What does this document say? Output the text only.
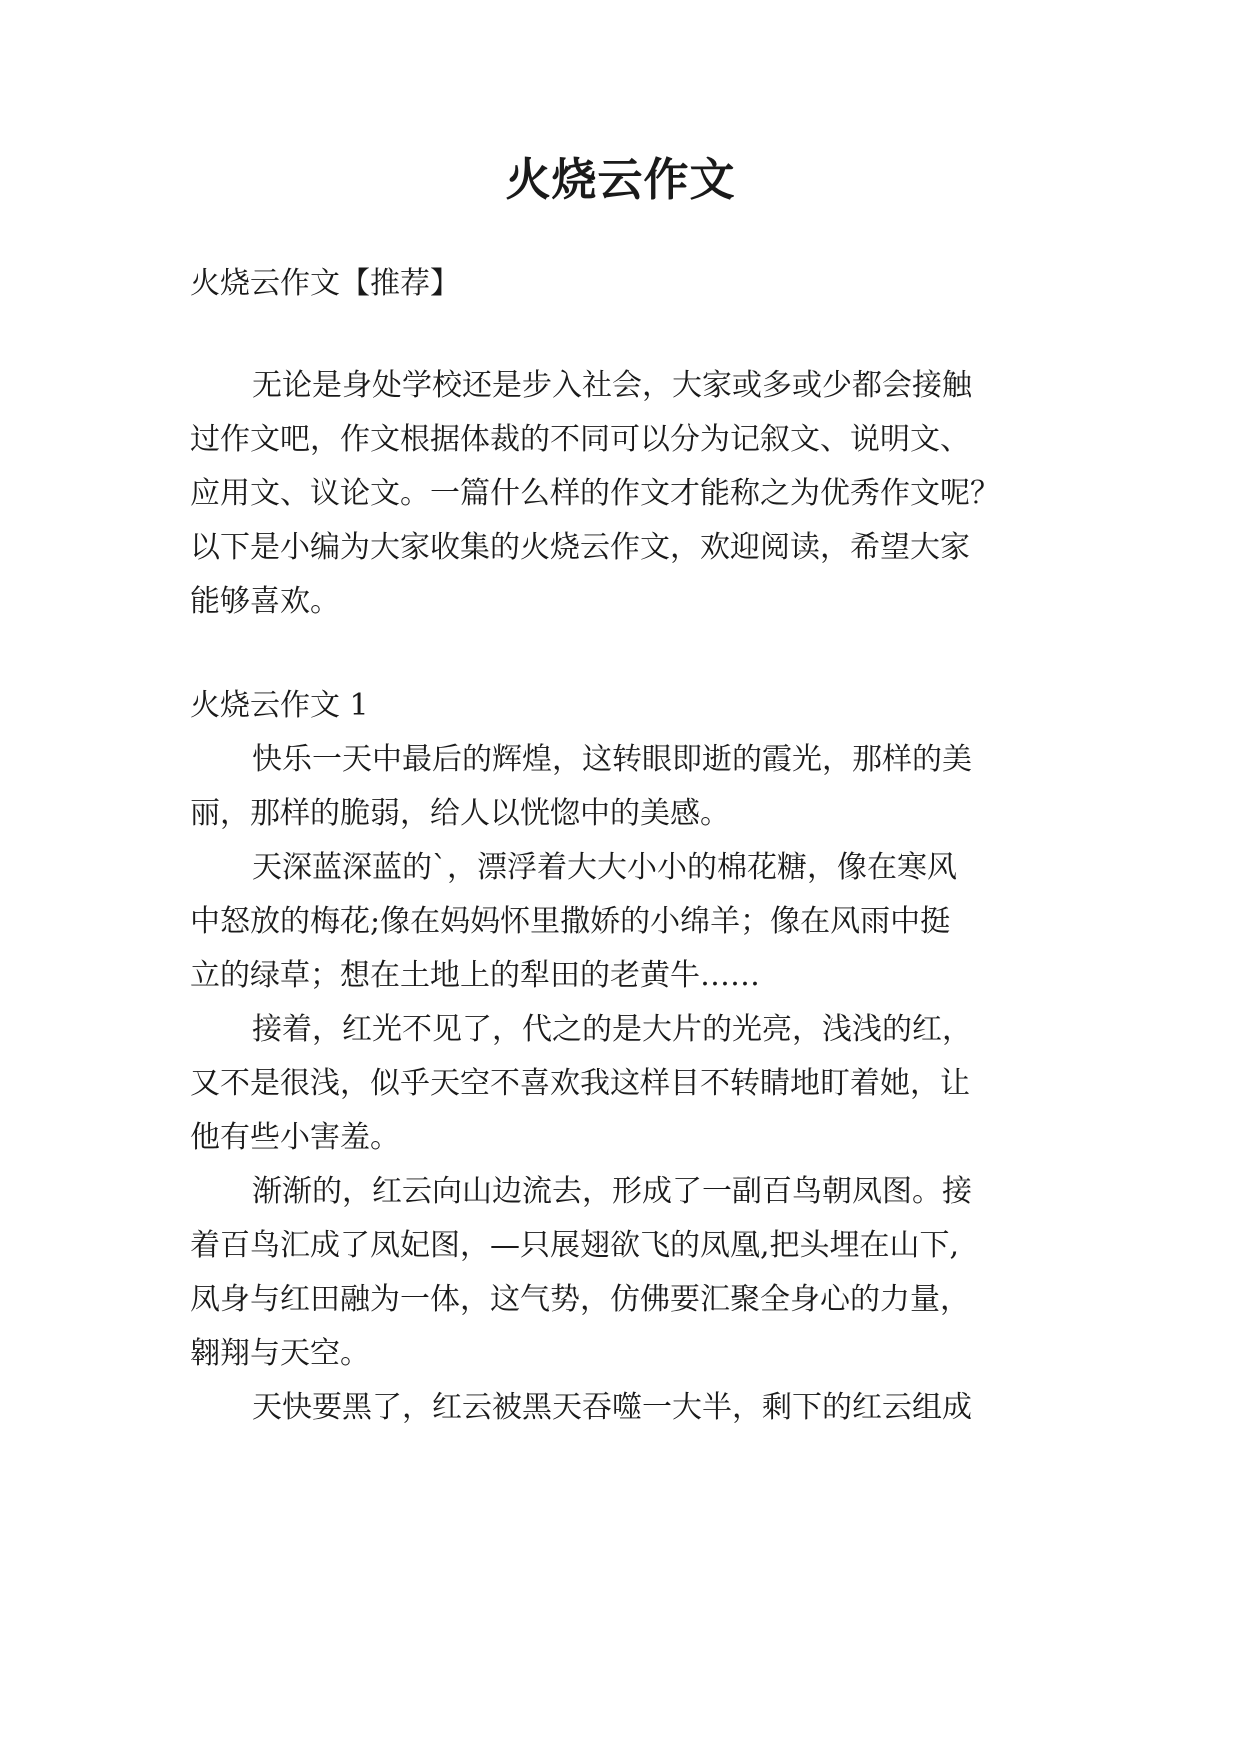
火烧云作文

火烧云作文【推荐】

无论是身处学校还是步入社会，大家或多或少都会接触

过作文吧，作文根据体裁的不同可以分为记叙文、说明文、

应用文、议论文。一篇什么样的作文才能称之为优秀作文呢？

以下是小编为大家收集的火烧云作文，欢迎阅读，希望大家

能够喜欢。

火烧云作文 1

快乐一天中最后的辉煌，这转眼即逝的霞光，那样的美

丽，那样的脆弱，给人以恍惚中的美感。

天深蓝深蓝的`，漂浮着大大小小的棉花糖，像在寒风

中怒放的梅花;像在妈妈怀里撒娇的小绵羊；像在风雨中挺

立的绿草；想在土地上的犁田的老黄牛……

接着，红光不见了，代之的是大片的光亮，浅浅的红，

又不是很浅，似乎天空不喜欢我这样目不转睛地盯着她，让

他有些小害羞。

渐渐的，红云向山边流去，形成了一副百鸟朝凤图。接

着百鸟汇成了凤妃图，—只展翅欲飞的凤凰,把头埋在山下,

凤身与红田融为一体，这气势，仿佛要汇聚全身心的力量，

翱翔与天空。

天快要黑了，红云被黑天吞噬一大半，剩下的红云组成
